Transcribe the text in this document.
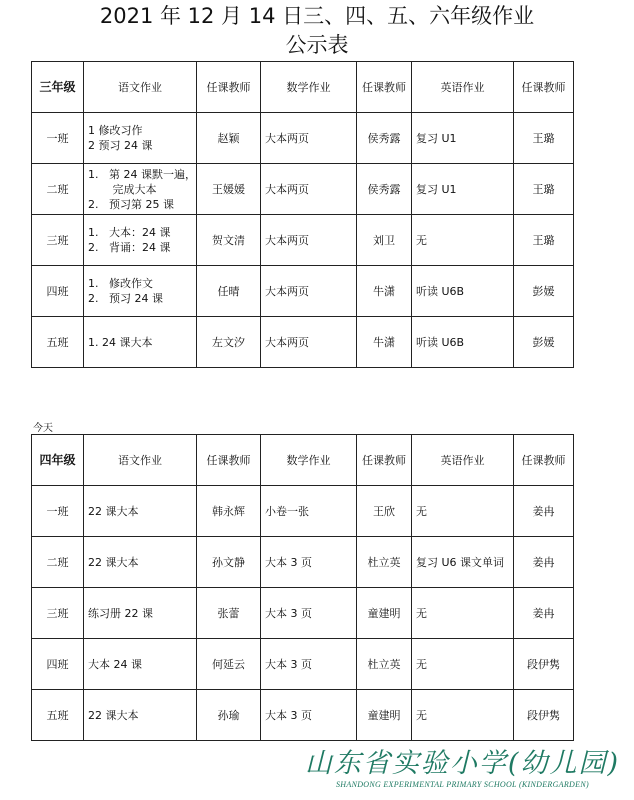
2021 年 12 月 14 日三、四、五、六年级作业
公示表
三年级	语文作业	任课教师	数学作业	任课教师	英语作业	任课教师
一班	1 修改习作
2 预习 24 课	赵颖	大本两页	侯秀露	复习 U1	王璐
二班	1.   第 24 课默一遍，
完成大本
2.   预习第 25 课	王媛媛	大本两页	侯秀露	复习 U1	王璐
三班	1.   大本：24 课
2.   背诵：24 课	贺文清	大本两页	刘卫	无	王璐
四班	1.   修改作文
2.   预习 24 课	任晴	大本两页	牛潇	听读 U6B	彭媛
五班	1. 24 课大本	左文汐	大本两页	牛潇	听读 U6B	彭媛
今天
四年级	语文作业	任课教师	数学作业	任课教师	英语作业	任课教师
一班	22 课大本	韩永辉	小卷一张	王欣	无	姜冉
二班	22 课大本	孙文静	大本 3 页	杜立英	复习 U6 课文单词	姜冉
三班	练习册 22 课	张蕾	大本 3 页	童建明	无	姜冉
四班	大本 24 课	何延云	大本 3 页	杜立英	无	段伊隽
五班	22 课大本	孙瑜	大本 3 页	童建明	无	段伊隽
山东省实验小学(幼儿园)
SHANDONG EXPERIMENTAL PRIMARY SCHOOL (KINDERGARDEN)
